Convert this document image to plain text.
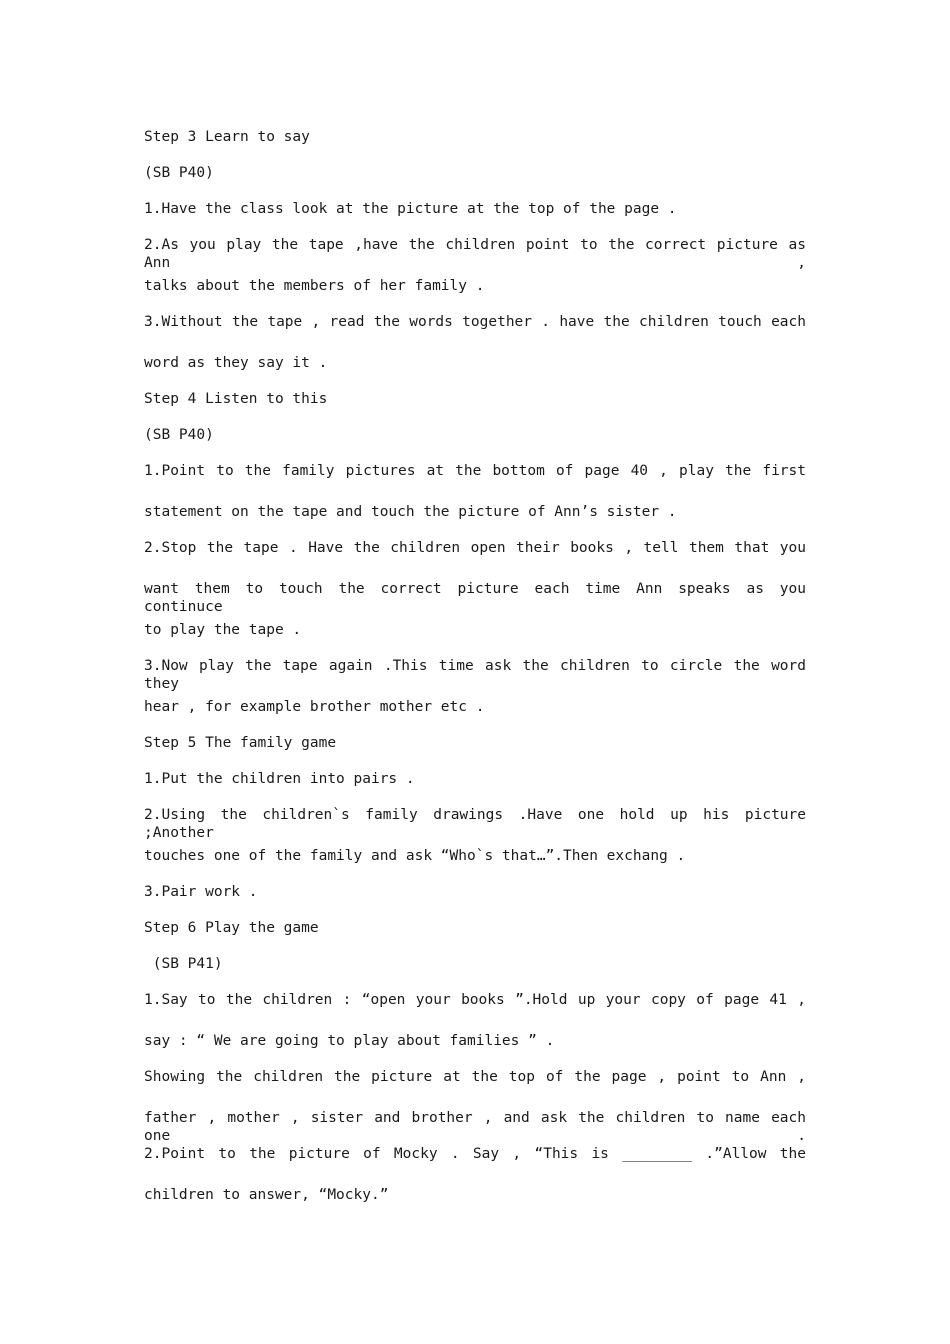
Step 3 Learn to say

(SB P40)

1.Have the class look at the picture at the top of the page .

2.As you play the tape ,have the children point to the correct picture as Ann ,

talks about the members of her family .

3.Without the tape , read the words together . have the children touch each

word as they say it .

Step 4 Listen to this

(SB P40)

1.Point to the family pictures at the bottom of page 40 , play the first

statement on the tape and touch the picture of Ann’s sister .

2.Stop the tape . Have the children open their books , tell them that you

want them to touch the correct picture each time Ann speaks as you continuce

to play the tape .

3.Now play the tape again .This time ask the children to circle the word they

hear , for example brother mother etc .

Step 5 The family game

1.Put the children into pairs .

2.Using the children`s family drawings .Have one hold up his picture ;Another

touches one of the family and ask “Who`s that…”.Then exchang .

3.Pair work .

Step 6 Play the game

(SB P41)

1.Say to the children : “open your books ”.Hold up your copy of page 41 ,

say : “ We are going to play about families ” .

Showing the children the picture at the top of the page , point to Ann ,

father , mother , sister and brother , and ask the children to name each one .

2.Point to the picture of Mocky . Say , “This is ________ .”Allow the

children to answer, “Mocky.”
